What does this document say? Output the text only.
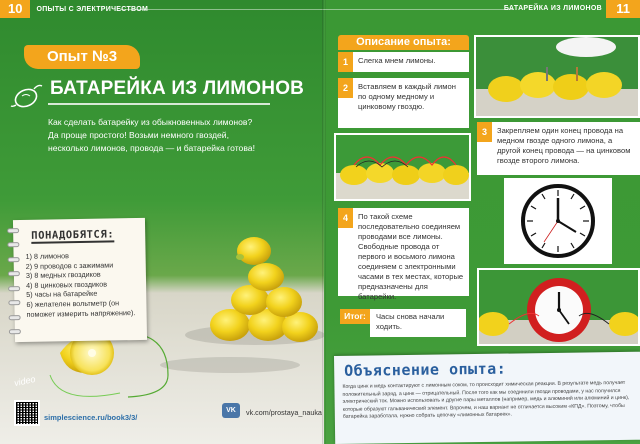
10	ОПЫТЫ С ЭЛЕКТРИЧЕСТВОМ
Опыт №3
БАТАРЕЙКА ИЗ ЛИМОНОВ

Как сделать батарейку из обыкновенных лимонов? Да проще простого! Возьми немного гвоздей, несколько лимонов, провода — и батарейка готова!

ПОНАДОБЯТСЯ:
1) 8 лимонов
2) 9 проводов с зажимами
3) 8 медных гвоздиков
4) 8 цинковых гвоздиков
5) часы на батарейке
6) желателен вольтметр (он поможет измерить напряжение).
video
simplescience.ru/book3/3/
БАТАРЕЙКА ИЗ ЛИМОНОВ	11
Описание опыта:
1	Слегка мнем лимоны.
2	Вставляем в каждый лимон по одному медному и цинковому гвоздю.
3	Закрепляем один конец провода на медном гвозде одного лимона, а другой конец провода — на цинковом гвозде второго лимона.
4	По такой схеме последовательно соединяем проводами все лимоны. Свободные провода от первого и восьмого лимона соединяем с электронными часами в тех местах, которые предназначены для батарейки.
Итог:	Часы снова начали ходить.
Объяснение опыта:

Когда цинк и медь контактируют с лимонным соком, то происходит химическая реакция. В результате медь получает положительный заряд, а цинк — отрицательный. После того как мы соединили гвозди проводами, у нас получился электрический ток. Можно использовать и другие пары металлов (например, медь и алюминий или алюминий и цинк), которые образуют гальванический элемент. Впрочем, и наш вариант не отличается высоким «КПД». Поэтому, чтобы батарейка заработала, нужно собрать цепочку «лимонных батареек».

VK	vk.com/prostaya_nauka
